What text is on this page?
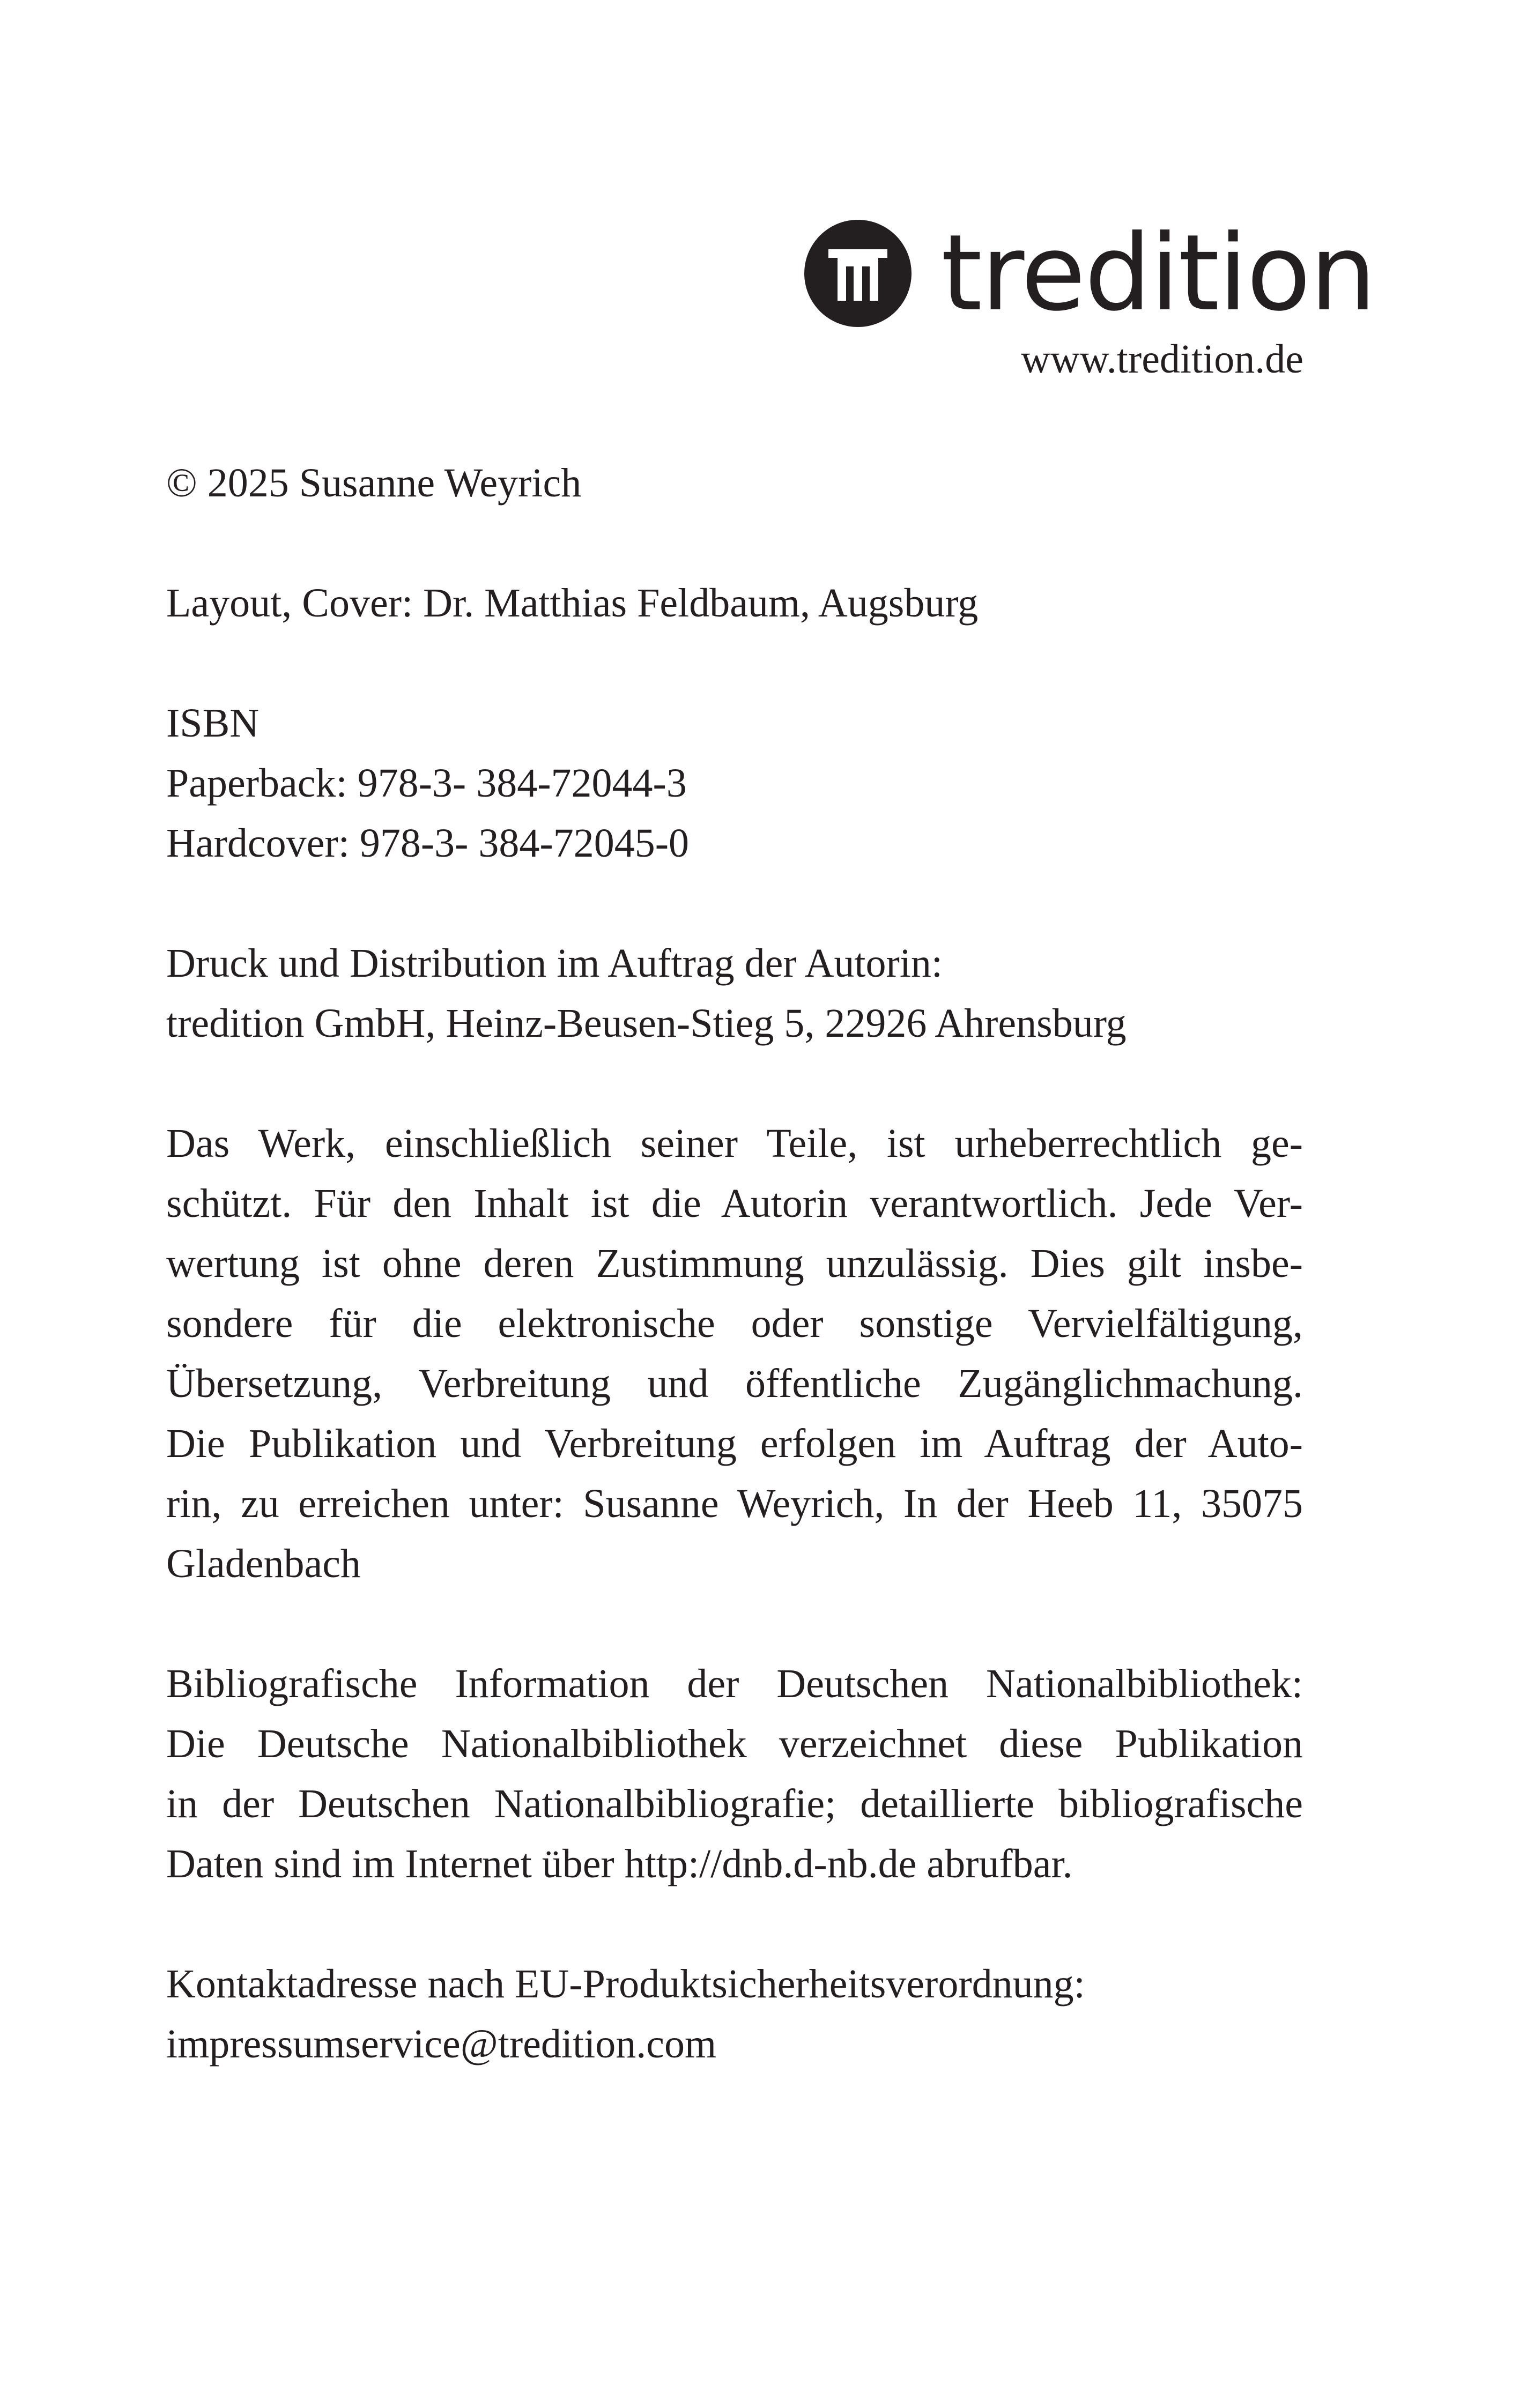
tredition
www.tredition.de
© 2025 Susanne Weyrich
Layout, Cover: Dr. Matthias Feldbaum, Augsburg
ISBN
Paperback: 978-3- 384-72044-3
Hardcover: 978-3- 384-72045-0
Druck und Distribution im Auftrag der Autorin:
tredition GmbH, Heinz-Beusen-Stieg 5, 22926 Ahrensburg
Das Werk, einschließlich seiner Teile, ist urheberrechtlich ge-
schützt. Für den Inhalt ist die Autorin verantwortlich. Jede Ver-
wertung ist ohne deren Zustimmung unzulässig. Dies gilt insbe-
sondere für die elektronische oder sonstige Vervielfältigung,
Übersetzung, Verbreitung und öffentliche Zugänglichmachung.
Die Publikation und Verbreitung erfolgen im Auftrag der Auto-
rin, zu erreichen unter: Susanne Weyrich, In der Heeb 11, 35075
Gladenbach
Bibliografische Information der Deutschen Nationalbibliothek:
Die Deutsche Nationalbibliothek verzeichnet diese Publikation
in der Deutschen Nationalbibliografie; detaillierte bibliografische
Daten sind im Internet über http://dnb.d-nb.de abrufbar.
Kontaktadresse nach EU-Produktsicherheitsverordnung:
impressumservice@tredition.com
